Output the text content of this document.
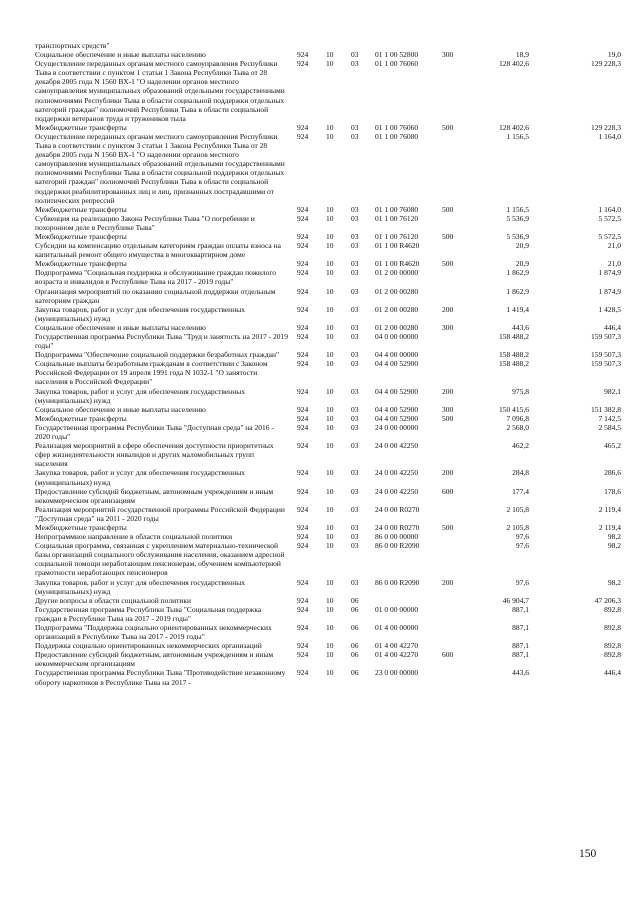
транспортных средств"
Социальное обеспечение и иные выплаты населению	924 10 03 01 1 00 52800	300	18,9	19,0
Осуществление переданных органам местного самоуправления Республики Тыва в соответствии с пунктом 1 статьи 1 Закона Республики Тыва от 28 декабря 2005 года N 1560 ВХ-1 "О наделении органов местного самоуправления муниципальных образований отдельными государственными полномочиями Республики Тыва в области социальной поддержки отдельных категорий граждан" полномочий Республики Тыва в области социальной поддержки ветеранов труда и тружеников тыла
924 10 03 01 1 00 76060	128 402,6	129 228,3
Межбюджетные трансферты	924 10 03 01 1 00 76060	500	128 402,6	129 228,3
Осуществление переданных органам местного самоуправления Республики Тыва в соответствии с пунктом 3 статьи 1 Закона Республики Тыва от 28 декабря 2005 года N 1560 ВХ-1 "О наделении органов местного самоуправления муниципальных образований отдельными государственными полномочиями Республики Тыва в области социальной поддержки отдельных категорий граждан" полномочий Республики Тыва в области социальной поддержки реабилитированных лиц и лиц, признанных пострадавшими от политических репрессий
924 10 03 01 1 00 76080	1 156,5	1 164,0
Межбюджетные трансферты	924 10 03 01 1 00 76080	500	1 156,5	1 164,0
Субвенция на реализацию Закона Республики Тыва "О погребении и похоронном деле в Республике Тыва"
924 10 03 01 1 00 76120	5 536,9	5 572,5
Межбюджетные трансферты	924 10 03 01 1 00 76120	500	5 536,9	5 572,5
Субсидии на компенсацию отдельным категориям граждан оплаты взноса на капитальный ремонт общего имущества в многоквартирном доме
924 10 03 01 1 00 R4620	20,9	21,0
Межбюджетные трансферты	924 10 03 01 1 00 R4620	500	20,9	21,0
Подпрограмма "Социальная поддержка и обслуживание граждан пожилого возраста и инвалидов в Республике Тыва на 2017 - 2019 годы"
924 10 03 01 2 00 00000	1 862,9	1 874,9
Организация мероприятий по оказанию социальной поддержки отдельным категориям граждан
924 10 03 01 2 00 00280	1 862,9	1 874,9
Закупка товаров, работ и услуг для обеспечения государственных (муниципальных) нужд
924 10 03 01 2 00 00280	200	1 419,4	1 428,5
Социальное обеспечение и иные выплаты населению	924 10 03 01 2 00 00280	300	443,6	446,4
Государственная программа Республики Тыва "Труд и занятость на 2017 - 2019 годы"
924 10 03 04 0 00 00000	158 488,2	159 507,3
Подпрограмма "Обеспечение социальной поддержки безработных граждан"	924 10 03 04 4 00 00000	158 488,2	159 507,3
Социальные выплаты безработным гражданам в соответствии с Законом Российской Федерации от 19 апреля 1991 года N 1032-1 "О занятости населения в Российской Федерации"
924 10 03 04 4 00 52900	158 488,2	159 507,3
Закупка товаров, работ и услуг для обеспечения государственных (муниципальных) нужд
924 10 03 04 4 00 52900	200	975,8	982,1
Социальное обеспечение и иные выплаты населению	924 10 03 04 4 00 52900	300	150 415,6	151 382,8
Межбюджетные трансферты	924 10 03 04 4 00 52900	500	7 096,8	7 142,5
Государственная программа Республики Тыва "Доступная среда" на 2016 - 2020 годы"
924 10 03 24 0 00 00000	2 568,0	2 584,5
Реализация мероприятий в сфере обеспечения доступности приоритетных сфер жизнедеятельности инвалидов и других маломобильных групп населения
924 10 03 24 0 00 42250	462,2	465,2
Закупка товаров, работ и услуг для обеспечения государственных (муниципальных) нужд
924 10 03 24 0 00 42250	200	284,8	286,6
Предоставление субсидий бюджетным, автономным учреждениям и иным некоммерческим организациям
924 10 03 24 0 00 42250	600	177,4	178,6
Реализация мероприятий государственной программы Российской Федерации "Доступная среда" на 2011 - 2020 годы
924 10 03 24 0 00 R0270	2 105,8	2 119,4
Межбюджетные трансферты	924 10 03 24 0 00 R0270	500	2 105,8	2 119,4
Непрограммное направление в области социальной политики	924 10 03 86 0 00 00000	97,6	98,2
Социальная программа, связанная с укреплением материально-технической базы организаций социального обслуживания населения, оказанием адресной социальной помощи неработающим пенсионерам, обучением компьютерной грамотности неработающих пенсионеров
924 10 03 86 0 00 R2090	97,6	98,2
Закупка товаров, работ и услуг для обеспечения государственных (муниципальных) нужд
924 10 03 86 0 00 R2090	200	97,6	98,2
Другие вопросы в области социальной политики	924 10 06	46 904,7	47 206,3
Государственная программа Республики Тыва "Социальная поддержка граждан в Республике Тыва на 2017 - 2019 годы"
924 10 06 01 0 00 00000	887,1	892,8
Подпрограмма "Поддержка социально ориентированных некоммерческих организаций в Республике Тыва на 2017 - 2019 годы"
924 10 06 01 4 00 00000	887,1	892,8
Поддержка социально ориентированных некоммерческих организаций	924 10 06 01 4 00 42270	887,1	892,8
Предоставление субсидий бюджетным, автономным учреждениям и иным некоммерческим организациям
924 10 06 01 4 00 42270	600	887,1	892,8
Государственная программа Республики Тыва "Противодействие незаконному обороту наркотиков в Республике Тыва на 2017 -
924 10 06 23 0 00 00000	443,6	446,4
150
